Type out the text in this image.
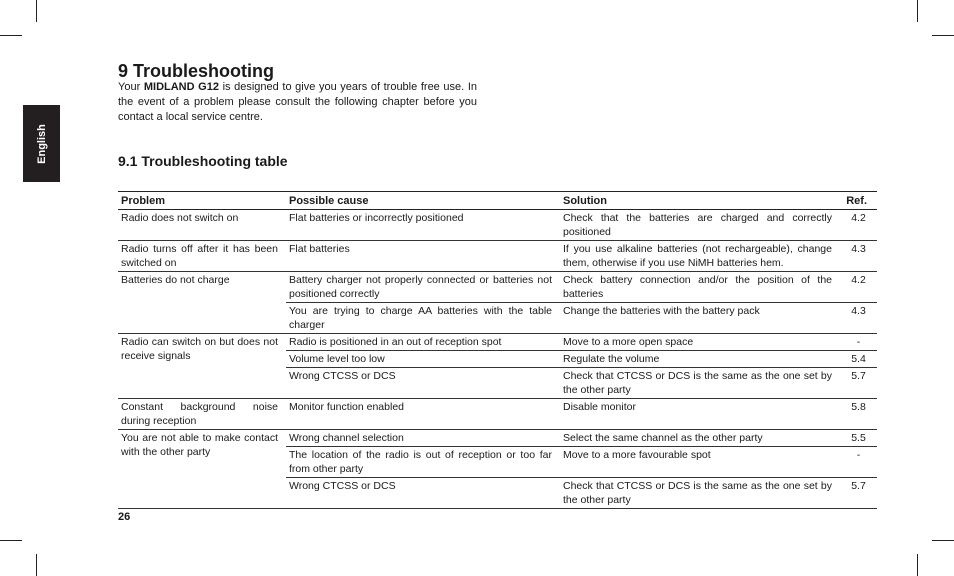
English
9 Troubleshooting

Your MIDLAND G12 is designed to give you years of trouble free use. In the event of a problem please consult the following chapter before you contact a local service centre.

9.1 Troubleshooting table
Problem	Possible cause	Solution	Ref.
Radio does not switch on	Flat batteries or incorrectly positioned	Check that the batteries are charged and correctly positioned	4.2
Radio turns off after it has been switched on	Flat batteries	If you use alkaline batteries (not rechargeable), change them, otherwise if you use NiMH batteries hem.	4.3
Batteries do not charge	Battery charger not properly connected or batteries not positioned correctly	Check battery connection and/or the position of the batteries	4.2
	You are trying to charge AA batteries with the table charger	Change the batteries with the battery pack	4.3
Radio can switch on but does not receive signals	Radio is positioned in an out of reception spot	Move to a more open space	-
	Volume level too low	Regulate the volume	5.4
	Wrong CTCSS or DCS	Check that CTCSS or DCS is the same as the one set by the other party	5.7
Constant background noise during reception	Monitor function enabled	Disable monitor	5.8
You are not able to make contact with the other party	Wrong channel selection	Select the same channel as the other party	5.5
	The location of the radio is out of reception or too far from other party	Move to a more favourable spot	-
	Wrong CTCSS or DCS	Check that CTCSS or DCS is the same as the one set by the other party	5.7
26
